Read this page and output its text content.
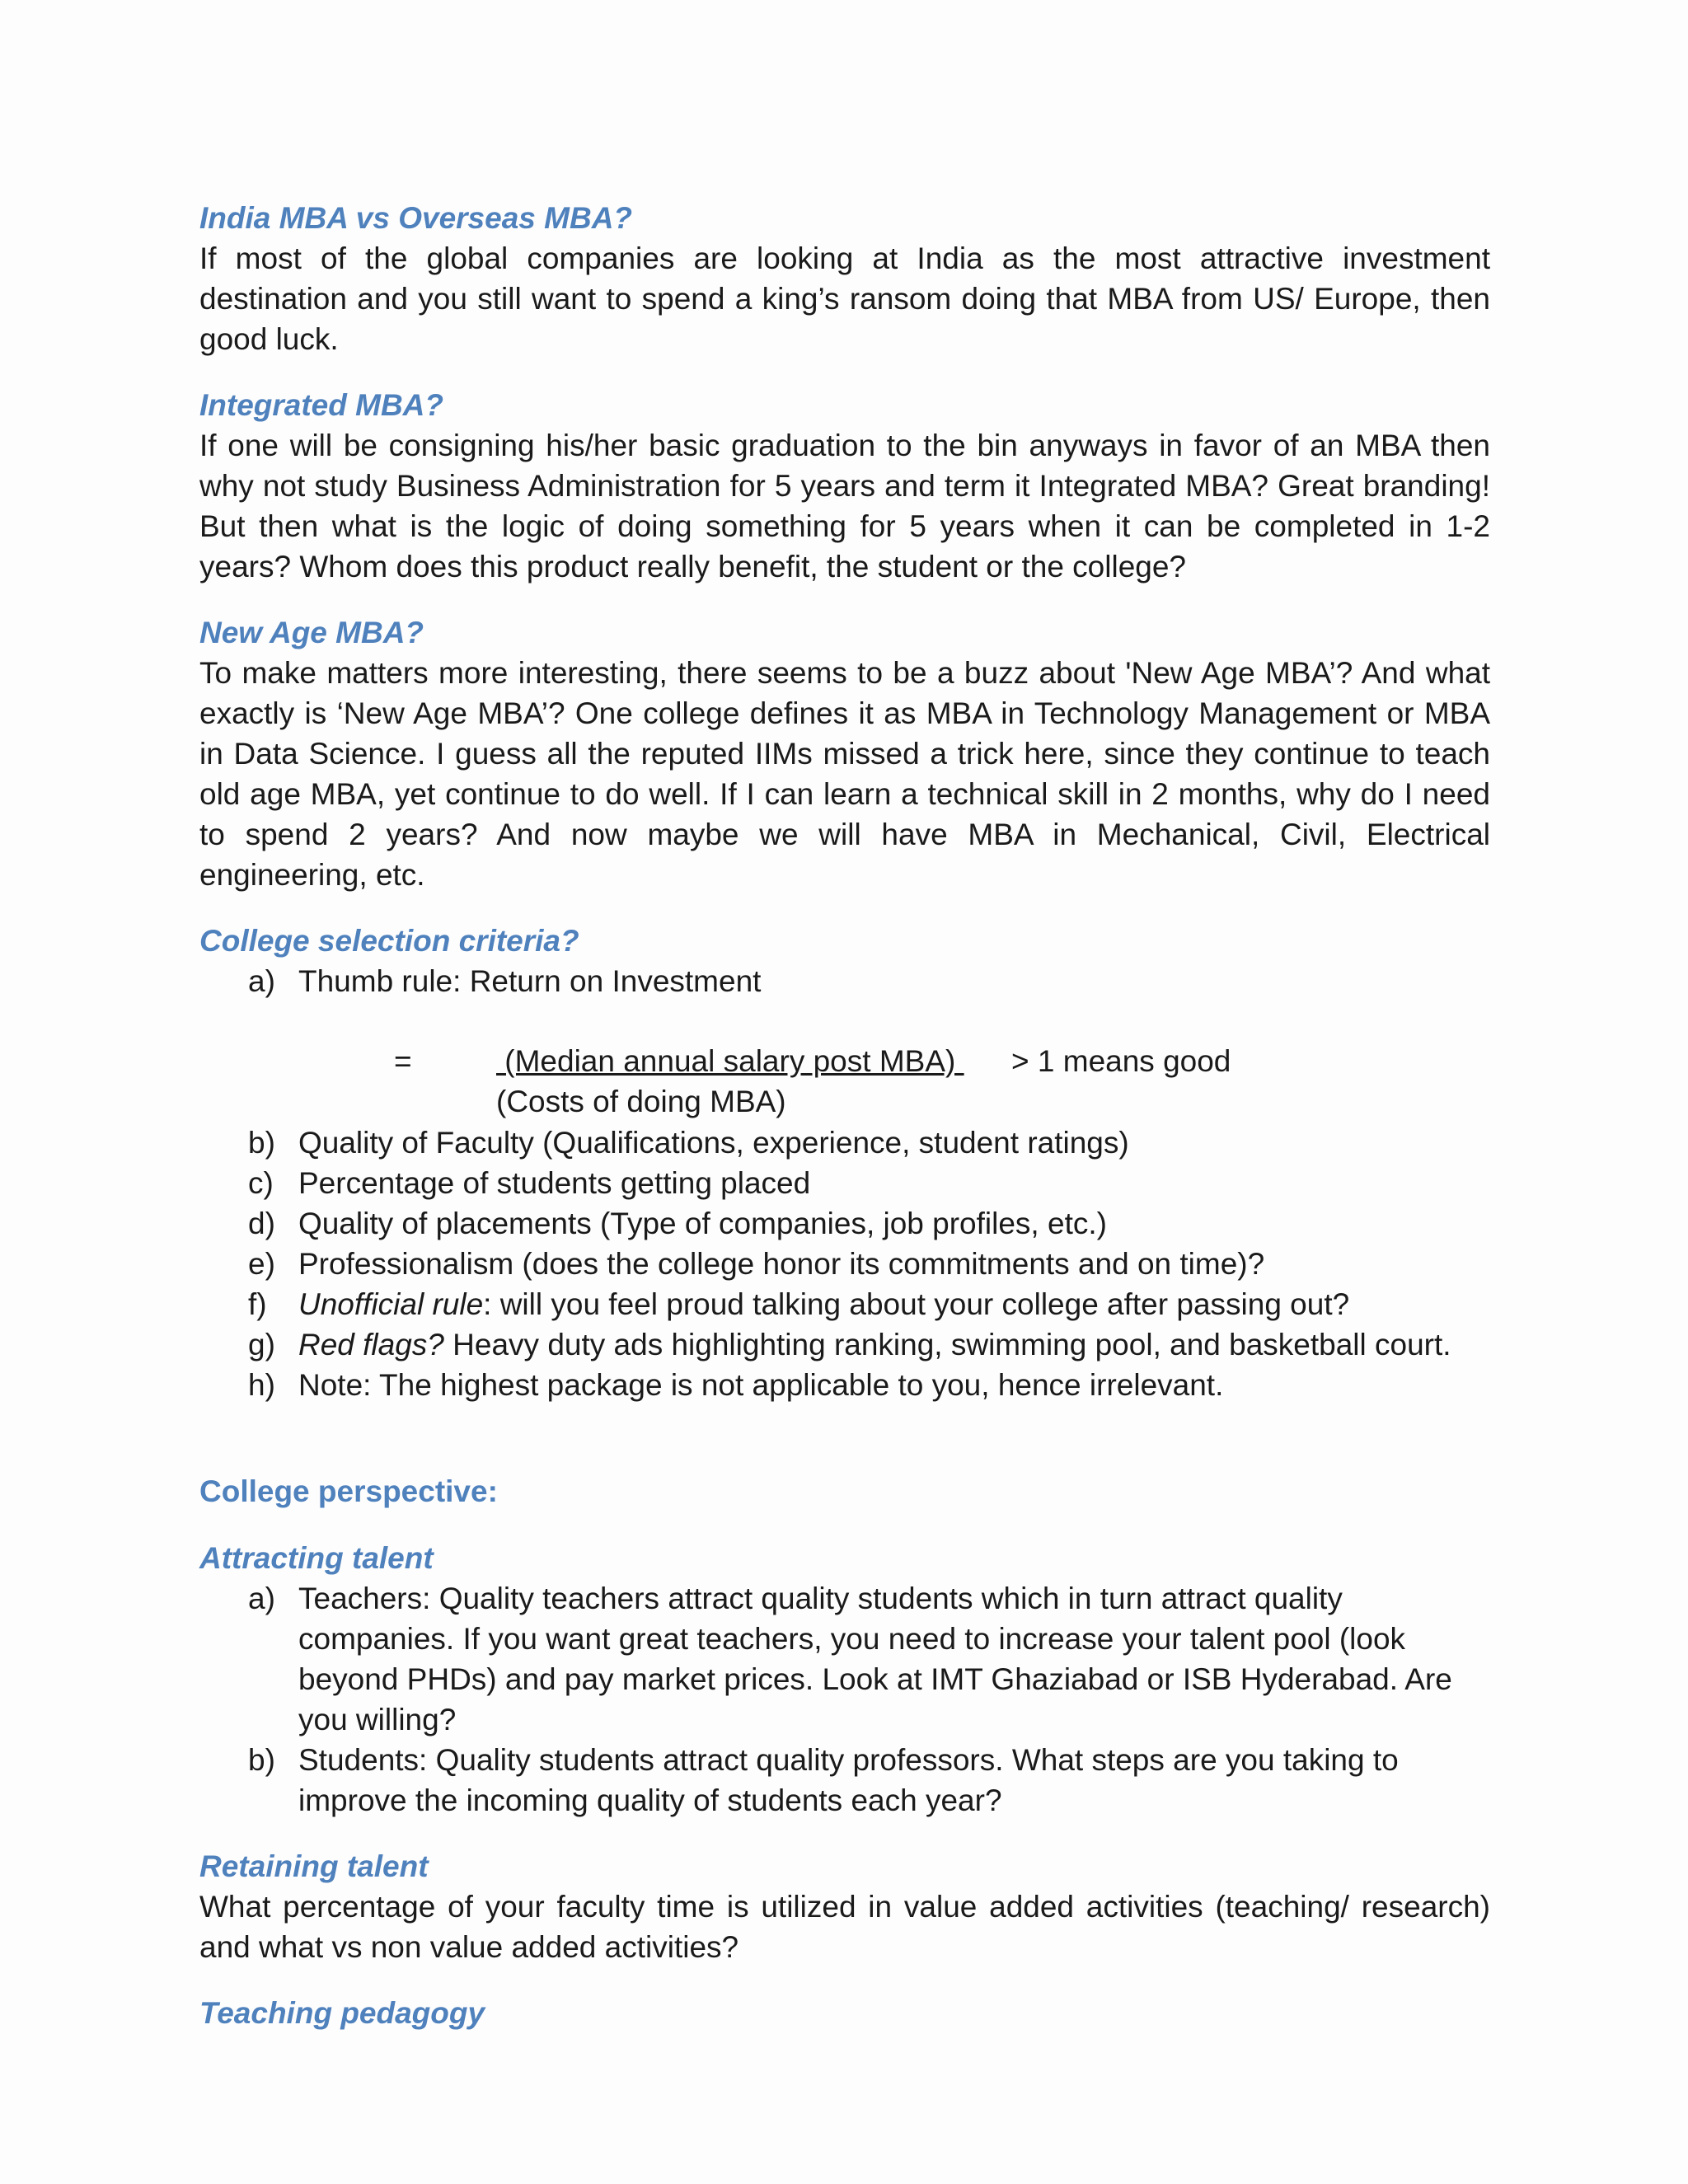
India MBA vs Overseas MBA?

If most of the global companies are looking at India as the most attractive investment destination and you still want to spend a king’s ransom doing that MBA from US/ Europe, then good luck.

Integrated MBA?

If one will be consigning his/her basic graduation to the bin anyways in favor of an MBA then why not study Business Administration for 5 years and term it Integrated MBA? Great branding! But then what is the logic of doing something for 5 years when it can be completed in 1-2 years? Whom does this product really benefit, the student or the college?

New Age MBA?

To make matters more interesting, there seems to be a buzz about 'New Age MBA’? And what exactly is ‘New Age MBA’? One college defines it as MBA in Technology Management or MBA in Data Science. I guess all the reputed IIMs missed a trick here, since they continue to teach old age MBA, yet continue to do well. If I can learn a technical skill in 2 months, why do I need to spend 2 years? And now maybe we will have MBA in Mechanical, Civil, Electrical engineering, etc.

College selection criteria?
a) Thumb rule: Return on Investment
=	(Median annual salary post MBA) > 1 means good
(Costs of doing MBA)
b) Quality of Faculty (Qualifications, experience, student ratings)
c) Percentage of students getting placed
d) Quality of placements (Type of companies, job profiles, etc.)
e) Professionalism (does the college honor its commitments and on time)?
f) Unofficial rule: will you feel proud talking about your college after passing out?
g) Red flags? Heavy duty ads highlighting ranking, swimming pool, and basketball court.
h) Note: The highest package is not applicable to you, hence irrelevant.
College perspective:
Attracting talent
a) Teachers: Quality teachers attract quality students which in turn attract quality companies. If you want great teachers, you need to increase your talent pool (look beyond PHDs) and pay market prices. Look at IMT Ghaziabad or ISB Hyderabad. Are you willing?
b) Students: Quality students attract quality professors. What steps are you taking to improve the incoming quality of students each year?
Retaining talent

What percentage of your faculty time is utilized in value added activities (teaching/ research) and what vs non value added activities?

Teaching pedagogy
